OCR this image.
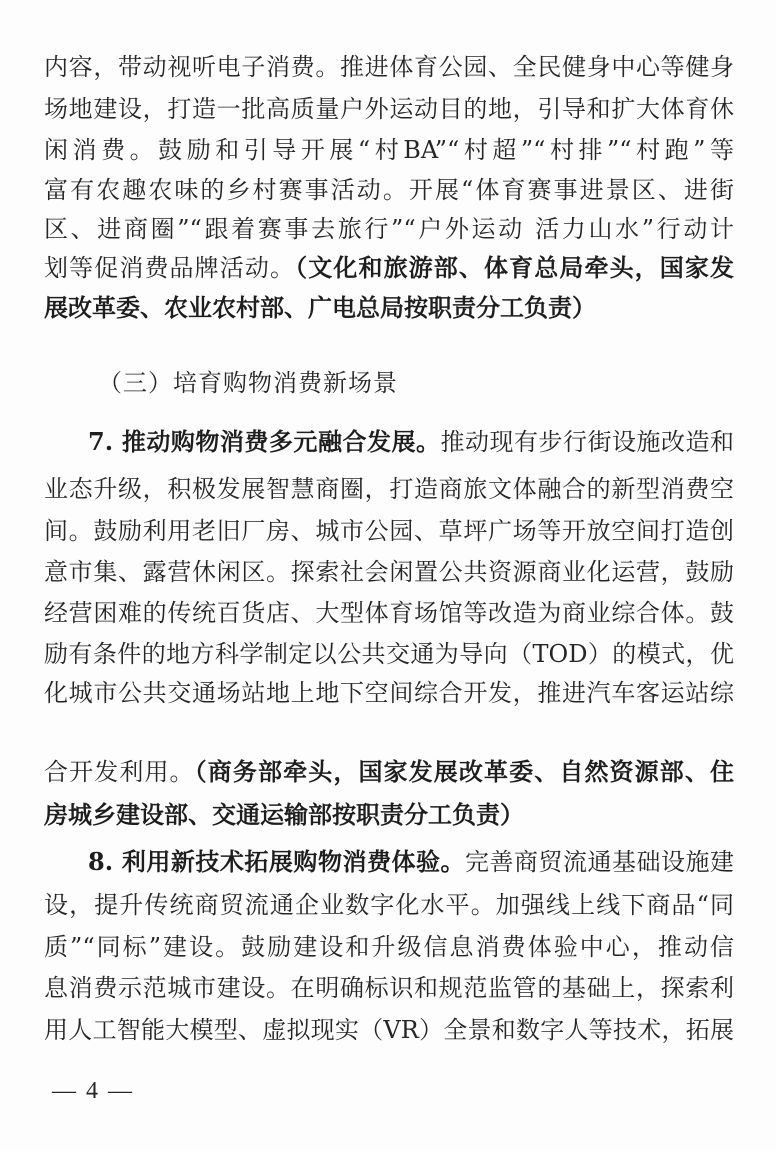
内容，带动视听电子消费。推进体育公园、全民健身中心等健身
场地建设，打造一批高质量户外运动目的地，引导和扩大体育休
闲消费。鼓励和引导开展“村BA”“村超”“村排”“村跑”等
富有农趣农味的乡村赛事活动。开展“体育赛事进景区、进街
区、进商圈”“跟着赛事去旅行”“户外运动 活力山水”行动计
划等促消费品牌活动。（文化和旅游部、体育总局牵头，国家发
展改革委、农业农村部、广电总局按职责分工负责）
（三）培育购物消费新场景
7. 推动购物消费多元融合发展。推动现有步行街设施改造和
业态升级，积极发展智慧商圈，打造商旅文体融合的新型消费空
间。鼓励利用老旧厂房、城市公园、草坪广场等开放空间打造创
意市集、露营休闲区。探索社会闲置公共资源商业化运营，鼓励
经营困难的传统百货店、大型体育场馆等改造为商业综合体。鼓
励有条件的地方科学制定以公共交通为导向（TOD）的模式，优
化城市公共交通场站地上地下空间综合开发，推进汽车客运站综
合开发利用。（商务部牵头，国家发展改革委、自然资源部、住
房城乡建设部、交通运输部按职责分工负责）
8. 利用新技术拓展购物消费体验。完善商贸流通基础设施建
设，提升传统商贸流通企业数字化水平。加强线上线下商品“同
质”“同标”建设。鼓励建设和升级信息消费体验中心，推动信
息消费示范城市建设。在明确标识和规范监管的基础上，探索利
用人工智能大模型、虚拟现实（VR）全景和数字人等技术，拓展
— 4 —
